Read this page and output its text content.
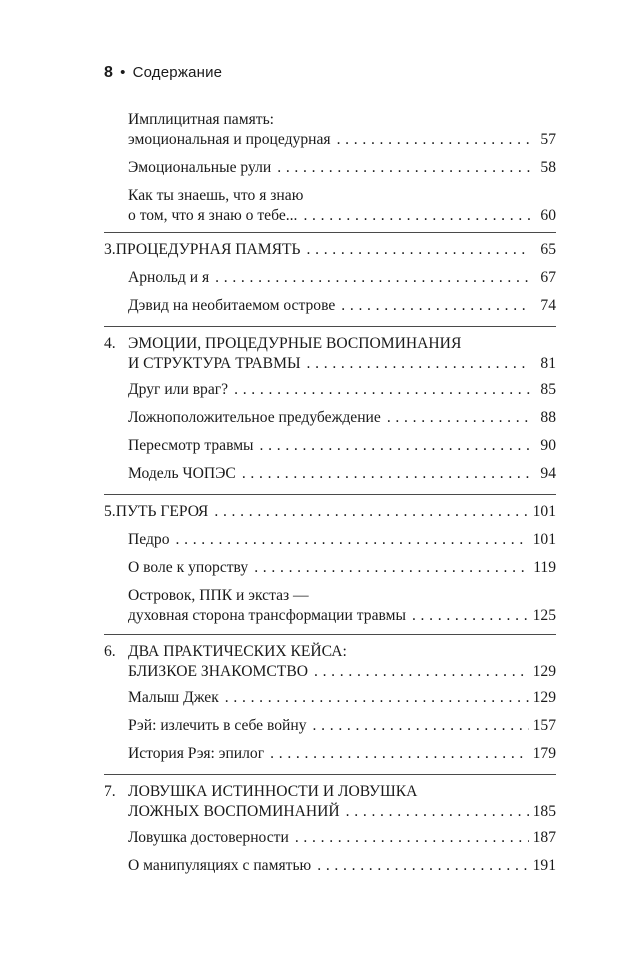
8 • Содержание
Имплицитная память:
эмоциональная и процедурная . . .	57
Эмоциональные рули . . .	58
Как ты знаешь, что я знаю
о том, что я знаю о тебе... . . .	60
3. ПРОЦЕДУРНАЯ ПАМЯТЬ . . .	65
Арнольд и я . . .	67
Дэвид на необитаемом острове . . .	74
4. ЭМОЦИИ, ПРОЦЕДУРНЫЕ ВОСПОМИНАНИЯ
И СТРУКТУРА ТРАВМЫ . . .	81
Друг или враг? . . .	85
Ложноположительное предубеждение . . .	88
Пересмотр травмы . . .	90
Модель ЧОПЭС . . .	94
5. ПУТЬ ГЕРОЯ . . .	101
Педро . . .	101
О воле к упорству . . .	119
Островок, ППК и экстаз —
духовная сторона трансформации травмы . . .	125
6. ДВА ПРАКТИЧЕСКИХ КЕЙСА:
БЛИЗКОЕ ЗНАКОМСТВО . . .	129
Малыш Джек . . .	129
Рэй: излечить в себе войну . . .	157
История Рэя: эпилог . . .	179
7. ЛОВУШКА ИСТИННОСТИ И ЛОВУШКА
ЛОЖНЫХ ВОСПОМИНАНИЙ . . .	185
Ловушка достоверности . . .	187
О манипуляциях с памятью . . .	191
